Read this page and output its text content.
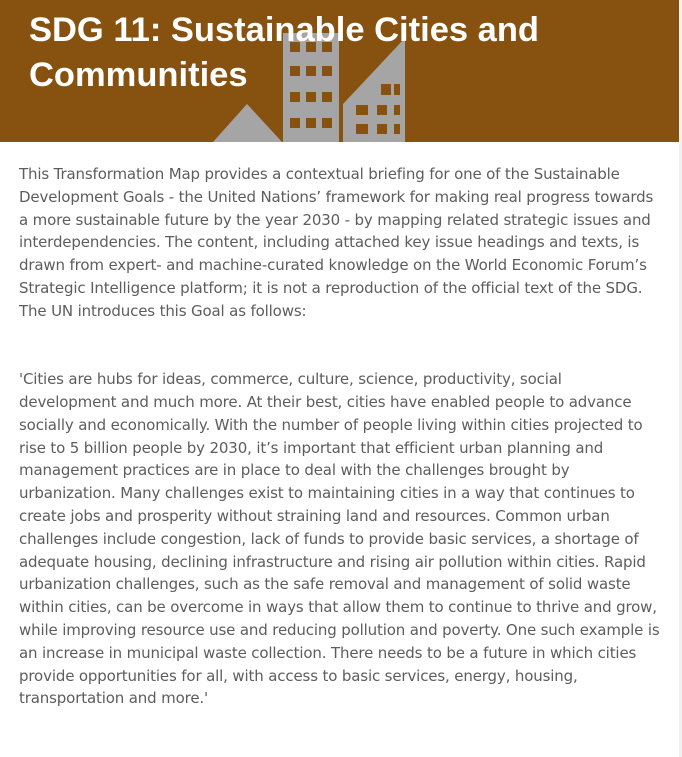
SDG 11: Sustainable Cities and Communities

This Transformation Map provides a contextual briefing for one of the Sustainable Development Goals - the United Nations’ framework for making real progress towards a more sustainable future by the year 2030 - by mapping related strategic issues and interdependencies. The content, including attached key issue headings and texts, is drawn from expert- and machine-curated knowledge on the World Economic Forum’s Strategic Intelligence platform; it is not a reproduction of the official text of the SDG. The UN introduces this Goal as follows:

'Cities are hubs for ideas, commerce, culture, science, productivity, social development and much more. At their best, cities have enabled people to advance socially and economically. With the number of people living within cities projected to rise to 5 billion people by 2030, it’s important that efficient urban planning and management practices are in place to deal with the challenges brought by urbanization. Many challenges exist to maintaining cities in a way that continues to create jobs and prosperity without straining land and resources. Common urban challenges include congestion, lack of funds to provide basic services, a shortage of adequate housing, declining infrastructure and rising air pollution within cities. Rapid urbanization challenges, such as the safe removal and management of solid waste within cities, can be overcome in ways that allow them to continue to thrive and grow, while improving resource use and reducing pollution and poverty. One such example is an increase in municipal waste collection. There needs to be a future in which cities provide opportunities for all, with access to basic services, energy, housing, transportation and more.'
